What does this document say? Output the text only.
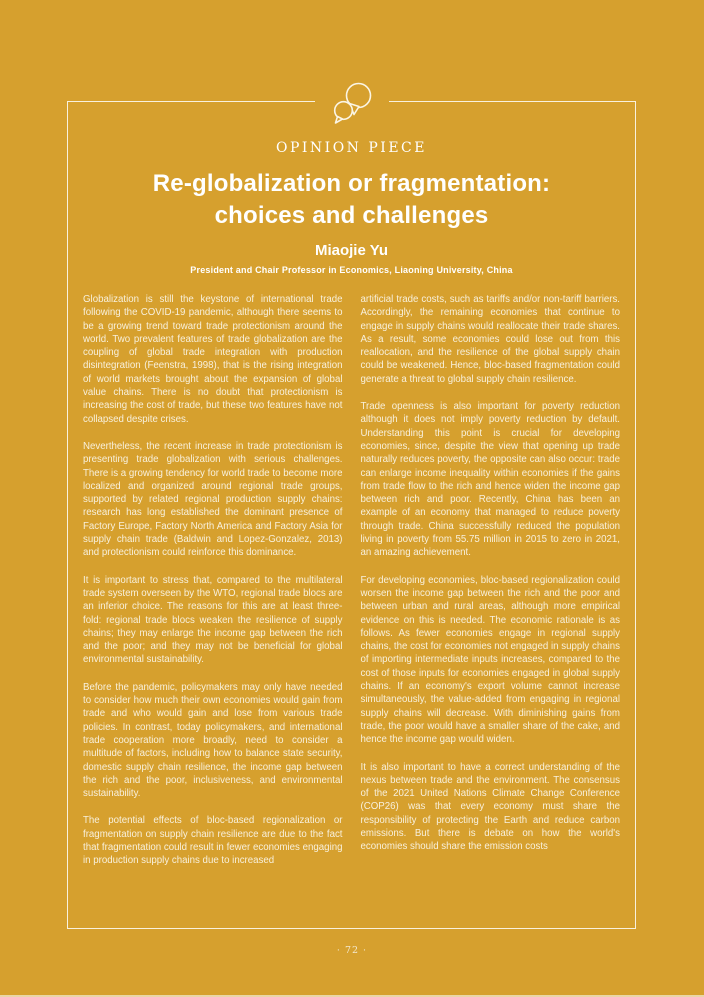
OPINION PIECE
Re-globalization or fragmentation:
choices and challenges
Miaojie Yu
President and Chair Professor in Economics, Liaoning University, China

Globalization is still the keystone of international trade following the COVID-19 pandemic, although there seems to be a growing trend toward trade protectionism around the world. Two prevalent features of trade globalization are the coupling of global trade integration with production disintegration (Feenstra, 1998), that is the rising integration of world markets brought about the expansion of global value chains. There is no doubt that protectionism is increasing the cost of trade, but these two features have not collapsed despite crises.

Nevertheless, the recent increase in trade protectionism is presenting trade globalization with serious challenges. There is a growing tendency for world trade to become more localized and organized around regional trade groups, supported by related regional production supply chains: research has long established the dominant presence of Factory Europe, Factory North America and Factory Asia for supply chain trade (Baldwin and Lopez-Gonzalez, 2013) and protectionism could reinforce this dominance.

It is important to stress that, compared to the multilateral trade system overseen by the WTO, regional trade blocs are an inferior choice. The reasons for this are at least three-fold: regional trade blocs weaken the resilience of supply chains; they may enlarge the income gap between the rich and the poor; and they may not be beneficial for global environmental sustainability.

Before the pandemic, policymakers may only have needed to consider how much their own economies would gain from trade and who would gain and lose from various trade policies. In contrast, today policymakers, and international trade cooperation more broadly, need to consider a multitude of factors, including how to balance state security, domestic supply chain resilience, the income gap between the rich and the poor, inclusiveness, and environmental sustainability.

The potential effects of bloc-based regionalization or fragmentation on supply chain resilience are due to the fact that fragmentation could result in fewer economies engaging in production supply chains due to increased

artificial trade costs, such as tariffs and/or non-tariff barriers. Accordingly, the remaining economies that continue to engage in supply chains would reallocate their trade shares. As a result, some economies could lose out from this reallocation, and the resilience of the global supply chain could be weakened. Hence, bloc-based fragmentation could generate a threat to global supply chain resilience.

Trade openness is also important for poverty reduction although it does not imply poverty reduction by default. Understanding this point is crucial for developing economies, since, despite the view that opening up trade naturally reduces poverty, the opposite can also occur: trade can enlarge income inequality within economies if the gains from trade flow to the rich and hence widen the income gap between rich and poor. Recently, China has been an example of an economy that managed to reduce poverty through trade. China successfully reduced the population living in poverty from 55.75 million in 2015 to zero in 2021, an amazing achievement.

For developing economies, bloc-based regionalization could worsen the income gap between the rich and the poor and between urban and rural areas, although more empirical evidence on this is needed. The economic rationale is as follows. As fewer economies engage in regional supply chains, the cost for economies not engaged in supply chains of importing intermediate inputs increases, compared to the cost of those inputs for economies engaged in global supply chains. If an economy's export volume cannot increase simultaneously, the value-added from engaging in regional supply chains will decrease. With diminishing gains from trade, the poor would have a smaller share of the cake, and hence the income gap would widen.

It is also important to have a correct understanding of the nexus between trade and the environment. The consensus of the 2021 United Nations Climate Change Conference (COP26) was that every economy must share the responsibility of protecting the Earth and reduce carbon emissions. But there is debate on how the world's economies should share the emission costs

· 72 ·
